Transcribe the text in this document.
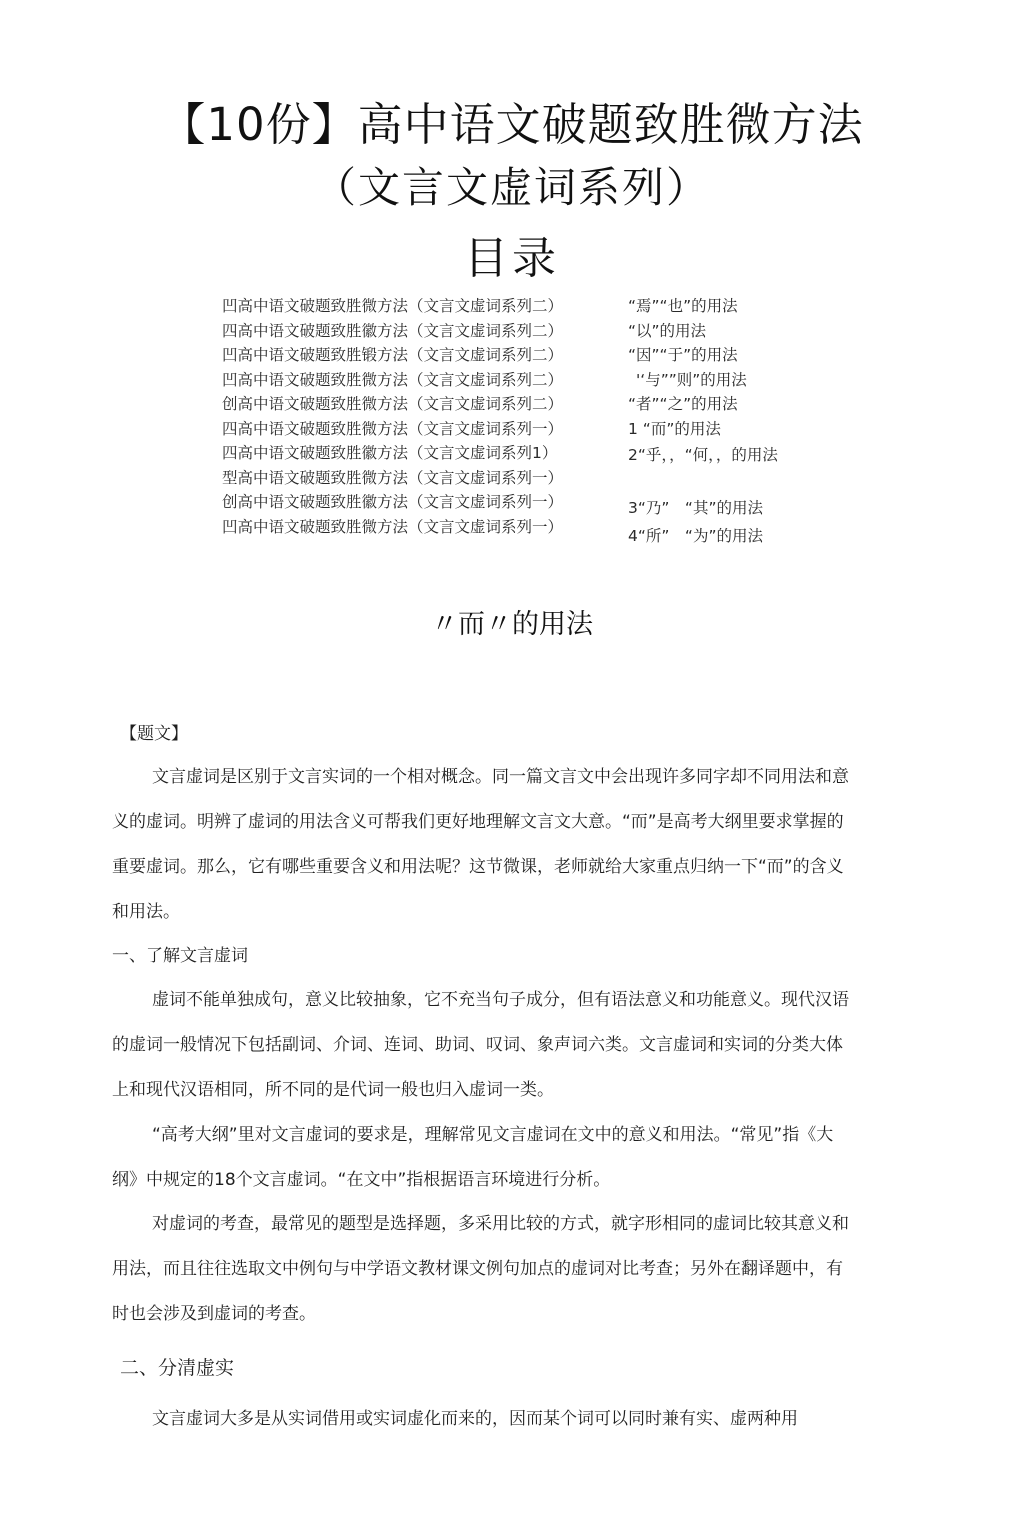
【10份】高中语文破题致胜微方法
（文言文虚词系列）
目录
凹高中语文破题致胜微方法（文言文虚词系列二）	“焉”“也”的用法
四高中语文破题致胜徽方法（文言文虚词系列二）	“以”的用法
凹高中语文破题致胜锻方法（文言文虚词系列二）	“因”“于”的用法
凹高中语文破题致胜微方法（文言文虚词系列二）	'‘与””则”的用法
创高中语文破题致胜微方法（文言文虚词系列二）	“者”“之”的用法
四高中语文破题致胜微方法（文言文虚词系列一）	1 “而”的用法
四高中语文破题致胜徽方法（文言文虚词系列1）	2“乎，，“何，，的用法
型高中语文破题致胜微方法（文言文虚词系列一）
创高中语文破题致胜徽方法（文言文虚词系列一）	3“乃”　“其”的用法
凹高中语文破题致胜微方法（文言文虚词系列一）	4“所”　“为”的用法
〃而〃的用法

【题文】

文言虚词是区别于文言实词的一个相对概念。同一篇文言文中会出现许多同字却不同用法和意义的虚词。明辨了虚词的用法含义可帮我们更好地理解文言文大意。“而”是高考大纲里要求掌握的重要虚词。那么，它有哪些重要含义和用法呢？这节微课，老师就给大家重点归纳一下“而”的含义和用法。

一、了解文言虚词

虚词不能单独成句，意义比较抽象，它不充当句子成分，但有语法意义和功能意义。现代汉语的虚词一般情况下包括副词、介词、连词、助词、叹词、象声词六类。文言虚词和实词的分类大体上和现代汉语相同，所不同的是代词一般也归入虚词一类。

“高考大纲”里对文言虚词的要求是，理解常见文言虚词在文中的意义和用法。“常见”指《大纲》中规定的18个文言虚词。“在文中”指根据语言环境进行分析。

对虚词的考查，最常见的题型是选择题，多采用比较的方式，就字形相同的虚词比较其意义和用法，而且往往选取文中例句与中学语文教材课文例句加点的虚词对比考查；另外在翻译题中，有时也会涉及到虚词的考查。

二、分清虚实

文言虚词大多是从实词借用或实词虚化而来的，因而某个词可以同时兼有实、虚两种用
